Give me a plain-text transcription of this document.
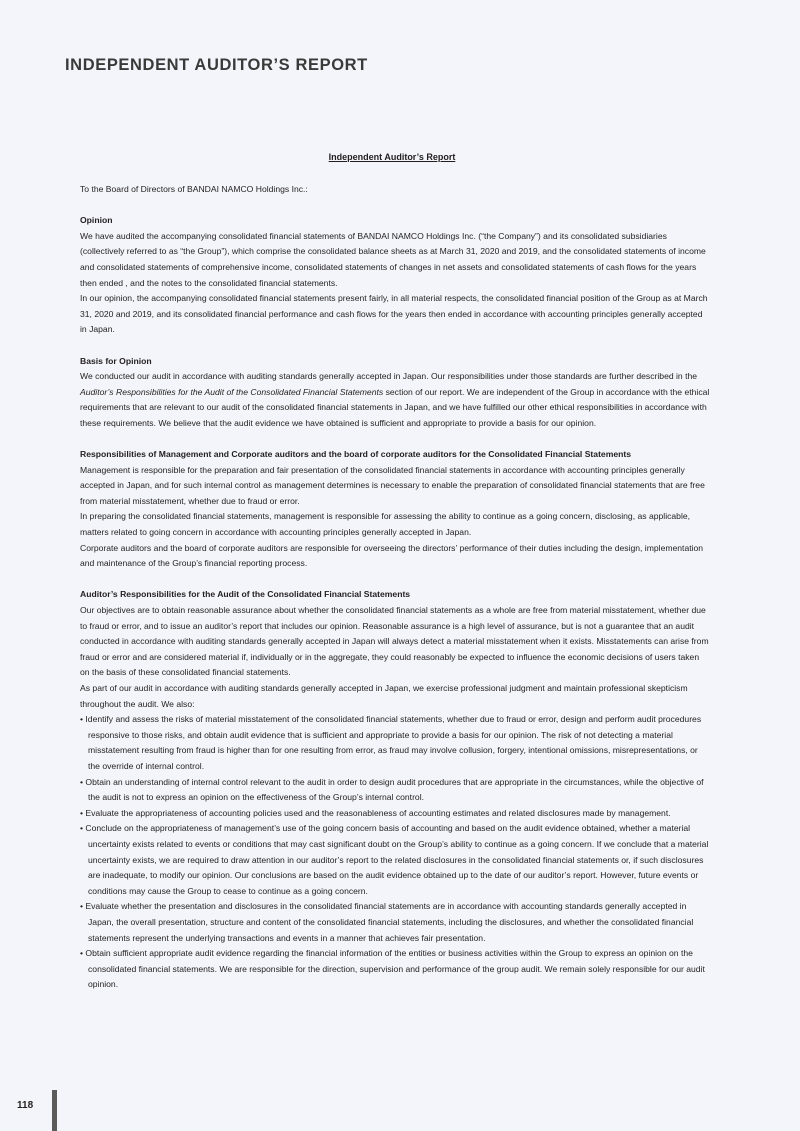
INDEPENDENT AUDITOR’S REPORT
Independent Auditor’s Report

To the Board of Directors of BANDAI NAMCO Holdings Inc.:

Opinion

We have audited the accompanying consolidated financial statements of BANDAI NAMCO Holdings Inc. (“the Company”) and its consolidated subsidiaries (collectively referred to as “the Group”), which comprise the consolidated balance sheets as at March 31, 2020 and 2019, and the consolidated statements of income and consolidated statements of comprehensive income, consolidated statements of changes in net assets and consolidated statements of cash flows for the years then ended , and the notes to the consolidated financial statements.

In our opinion, the accompanying consolidated financial statements present fairly, in all material respects, the consolidated financial position of the Group as at March 31, 2020 and 2019, and its consolidated financial performance and cash flows for the years then ended in accordance with accounting principles generally accepted in Japan.

Basis for Opinion

We conducted our audit in accordance with auditing standards generally accepted in Japan. Our responsibilities under those standards are further described in the Auditor’s Responsibilities for the Audit of the Consolidated Financial Statements section of our report. We are independent of the Group in accordance with the ethical requirements that are relevant to our audit of the consolidated financial statements in Japan, and we have fulfilled our other ethical responsibilities in accordance with these requirements. We believe that the audit evidence we have obtained is sufficient and appropriate to provide a basis for our opinion.

Responsibilities of Management and Corporate auditors and the board of corporate auditors for the Consolidated Financial Statements

Management is responsible for the preparation and fair presentation of the consolidated financial statements in accordance with accounting principles generally accepted in Japan, and for such internal control as management determines is necessary to enable the preparation of consolidated financial statements that are free from material misstatement, whether due to fraud or error.

In preparing the consolidated financial statements, management is responsible for assessing the ability to continue as a going concern, disclosing, as applicable, matters related to going concern in accordance with accounting principles generally accepted in Japan.

Corporate auditors and the board of corporate auditors are responsible for overseeing the directors’ performance of their duties including the design, implementation and maintenance of the Group’s financial reporting process.

Auditor’s Responsibilities for the Audit of the Consolidated Financial Statements

Our objectives are to obtain reasonable assurance about whether the consolidated financial statements as a whole are free from material misstatement, whether due to fraud or error, and to issue an auditor’s report that includes our opinion. Reasonable assurance is a high level of assurance, but is not a guarantee that an audit conducted in accordance with auditing standards generally accepted in Japan will always detect a material misstatement when it exists. Misstatements can arise from fraud or error and are considered material if, individually or in the aggregate, they could reasonably be expected to influence the economic decisions of users taken on the basis of these consolidated financial statements.

As part of our audit in accordance with auditing standards generally accepted in Japan, we exercise professional judgment and maintain professional skepticism throughout the audit. We also:

• Identify and assess the risks of material misstatement of the consolidated financial statements, whether due to fraud or error, design and perform audit procedures responsive to those risks, and obtain audit evidence that is sufficient and appropriate to provide a basis for our opinion. The risk of not detecting a material misstatement resulting from fraud is higher than for one resulting from error, as fraud may involve collusion, forgery, intentional omissions, misrepresentations, or the override of internal control.

• Obtain an understanding of internal control relevant to the audit in order to design audit procedures that are appropriate in the circumstances, while the objective of the audit is not to express an opinion on the effectiveness of the Group’s internal control.

• Evaluate the appropriateness of accounting policies used and the reasonableness of accounting estimates and related disclosures made by management.

• Conclude on the appropriateness of management’s use of the going concern basis of accounting and based on the audit evidence obtained, whether a material uncertainty exists related to events or conditions that may cast significant doubt on the Group’s ability to continue as a going concern. If we conclude that a material uncertainty exists, we are required to draw attention in our auditor’s report to the related disclosures in the consolidated financial statements or, if such disclosures are inadequate, to modify our opinion. Our conclusions are based on the audit evidence obtained up to the date of our auditor’s report. However, future events or conditions may cause the Group to cease to continue as a going concern.

• Evaluate whether the presentation and disclosures in the consolidated financial statements are in accordance with accounting standards generally accepted in Japan, the overall presentation, structure and content of the consolidated financial statements, including the disclosures, and whether the consolidated financial statements represent the underlying transactions and events in a manner that achieves fair presentation.

• Obtain sufficient appropriate audit evidence regarding the financial information of the entities or business activities within the Group to express an opinion on the consolidated financial statements. We are responsible for the direction, supervision and performance of the group audit. We remain solely responsible for our audit opinion.

118
